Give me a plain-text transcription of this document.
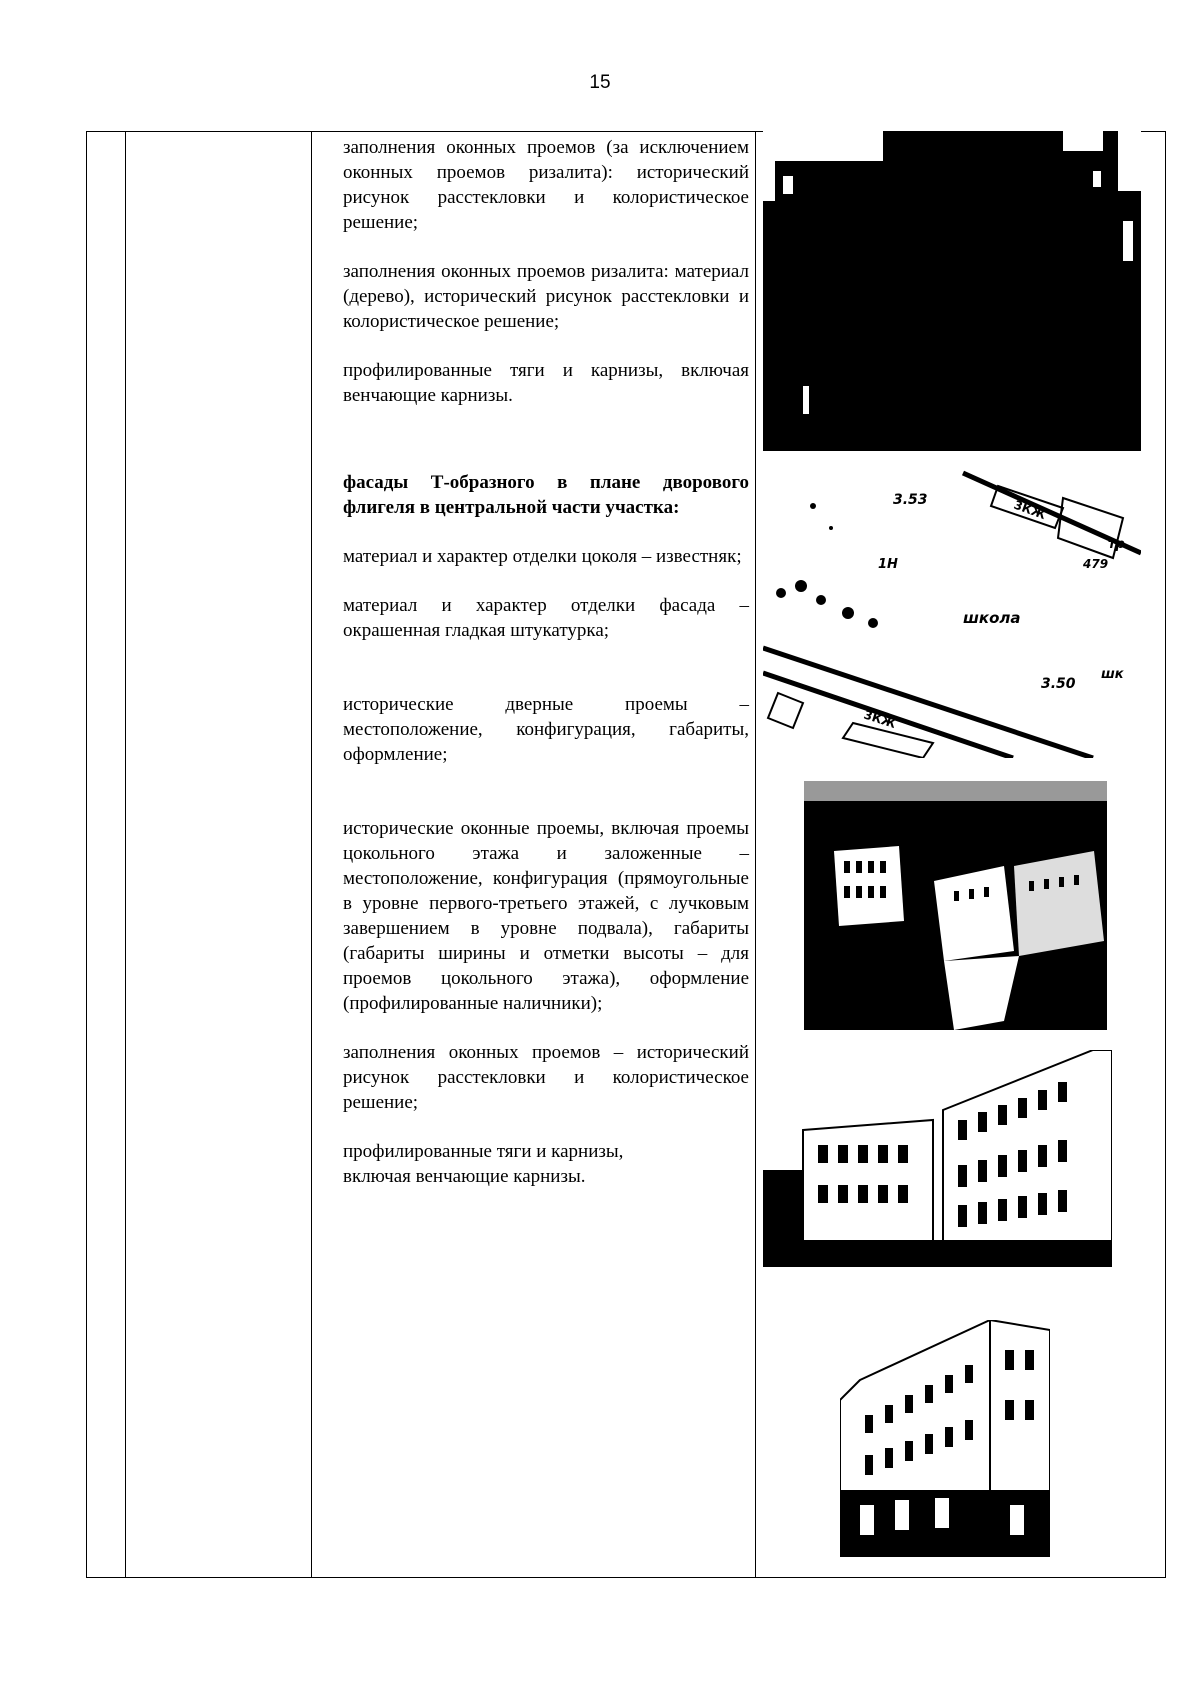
15

заполнения оконных проемов (за исключением оконных проемов ризалита): исторический рисунок расстекловки и колористическое решение;

заполнения оконных проемов ризалита: материал (дерево), исторический рисунок расстекловки и колористическое решение;

профилированные тяги и карнизы, включая венчающие карнизы.

фасады Т-образного в плане дворового флигеля в центральной части участка:

материал и характер отделки цоколя – известняк;

материал и характер отделки фасада – окрашенная гладкая штукатурка;

исторические дверные проемы – местоположение, конфигурация, габариты, оформление;

исторические оконные проемы, включая проемы цокольного этажа и заложенные – местоположение, конфигурация (прямоугольные в уровне первого-третьего этажей, с лучковым завершением в уровне подвала), габариты (габариты ширины и отметки высоты – для проемов цокольного этажа), оформление (профилированные наличники);

заполнения оконных проемов – исторический рисунок расстекловки и колористическое решение;

профилированные тяги и карнизы,
включая венчающие карнизы.

3.53
3.50
3КЖ
3КЖ
1Н	479
школа
тр
шк
